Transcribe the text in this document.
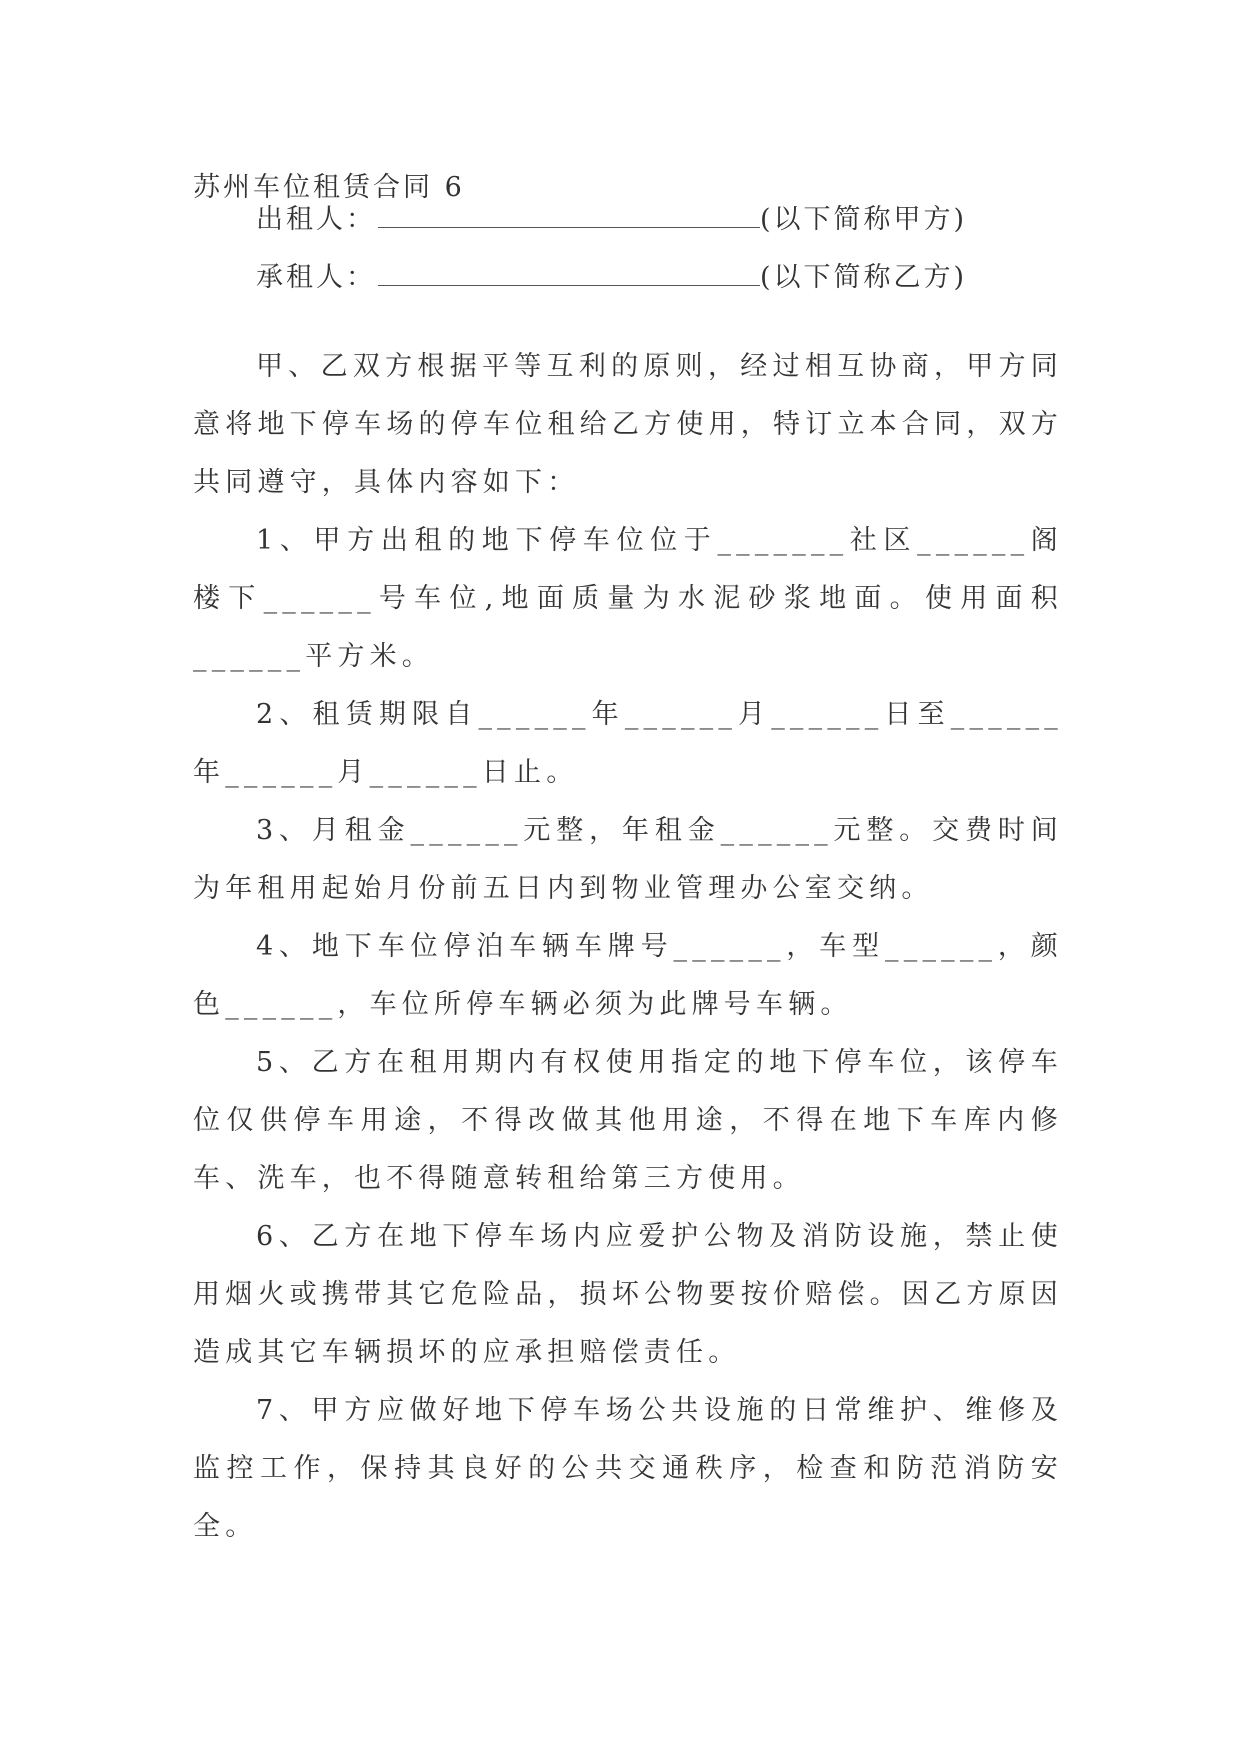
苏州车位租赁合同 6
出租人：	(以下简称甲方)
承租人：	(以下简称乙方)

甲、乙双方根据平等互利的原则，经过相互协商，甲方同意将地下停车场的停车位租给乙方使用，特订立本合同，双方共同遵守，具体内容如下：

1、甲方出租的地下停车位位于_______社区______阁楼下______号车位,地面质量为水泥砂浆地面。使用面积______平方米。

2、租赁期限自______年______月______日至______年______月______日止。

3、月租金______元整，年租金______元整。交费时间为年租用起始月份前五日内到物业管理办公室交纳。

4、地下车位停泊车辆车牌号______，车型______，颜色______，车位所停车辆必须为此牌号车辆。

5、乙方在租用期内有权使用指定的地下停车位，该停车位仅供停车用途，不得改做其他用途，不得在地下车库内修车、洗车，也不得随意转租给第三方使用。

6、乙方在地下停车场内应爱护公物及消防设施，禁止使用烟火或携带其它危险品，损坏公物要按价赔偿。因乙方原因造成其它车辆损坏的应承担赔偿责任。

7、甲方应做好地下停车场公共设施的日常维护、维修及监控工作，保持其良好的公共交通秩序，检查和防范消防安全。
